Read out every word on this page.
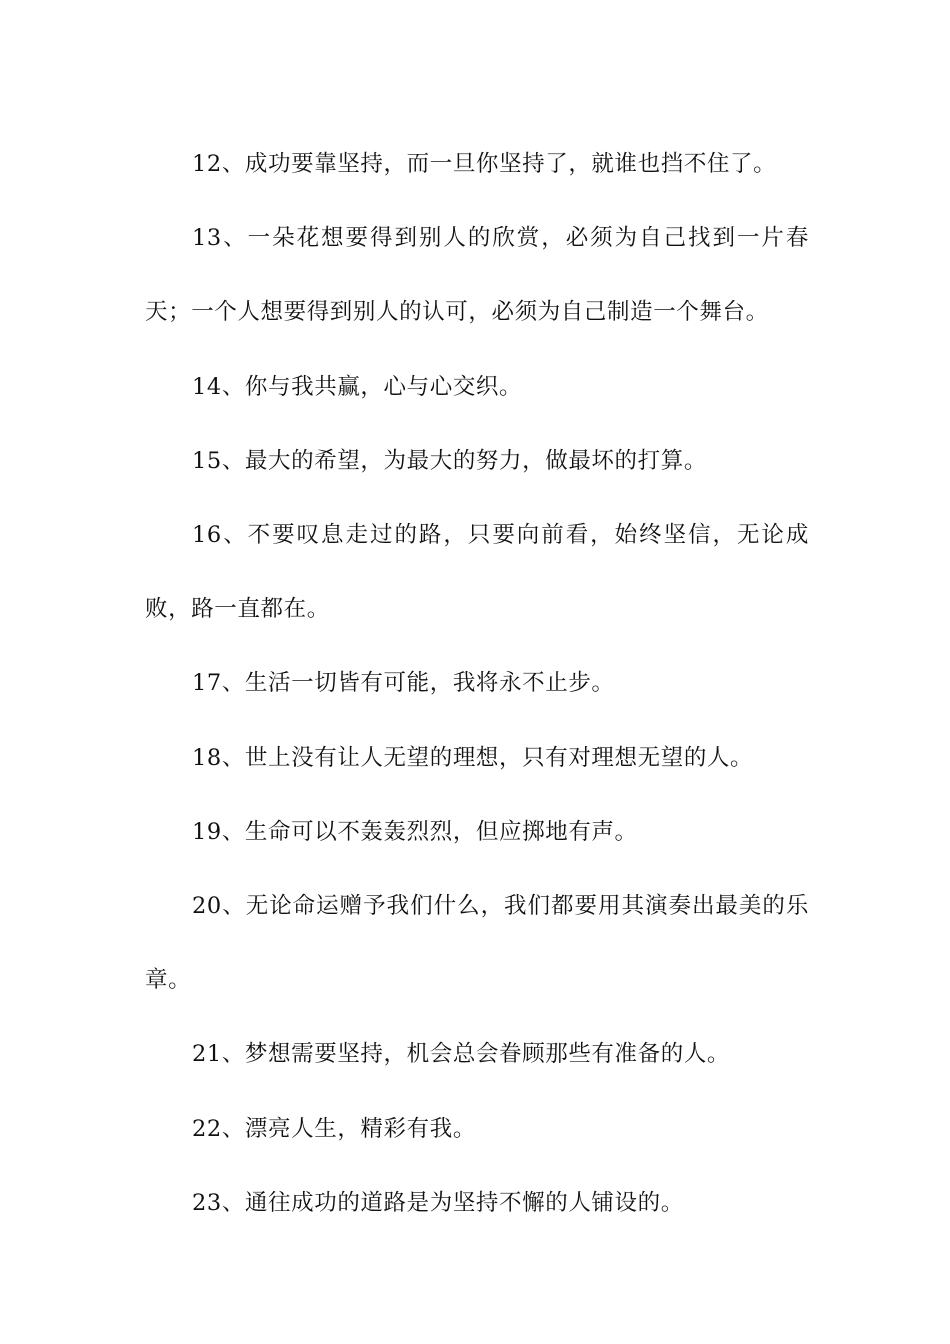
12、成功要靠坚持，而一旦你坚持了，就谁也挡不住了。

13、一朵花想要得到别人的欣赏，必须为自己找到一片春天；一个人想要得到别人的认可，必须为自己制造一个舞台。

14、你与我共赢，心与心交织。

15、最大的希望，为最大的努力，做最坏的打算。

16、不要叹息走过的路，只要向前看，始终坚信，无论成败，路一直都在。

17、生活一切皆有可能，我将永不止步。

18、世上没有让人无望的理想，只有对理想无望的人。

19、生命可以不轰轰烈烈，但应掷地有声。

20、无论命运赠予我们什么，我们都要用其演奏出最美的乐章。

21、梦想需要坚持，机会总会眷顾那些有准备的人。

22、漂亮人生，精彩有我。

23、通往成功的道路是为坚持不懈的人铺设的。
